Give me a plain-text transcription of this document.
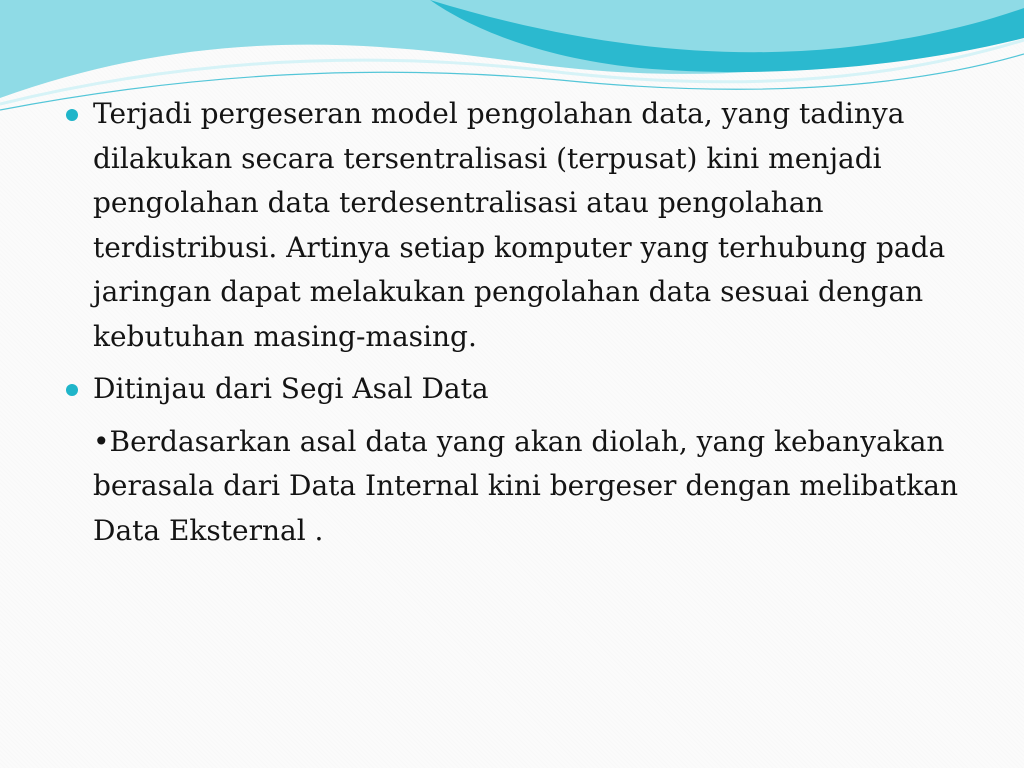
Terjadi pergeseran model pengolahan data, yang tadinya dilakukan secara tersentralisasi (terpusat) kini menjadi pengolahan data terdesentralisasi atau pengolahan terdistribusi. Artinya setiap komputer yang terhubung pada jaringan dapat melakukan pengolahan data sesuai dengan kebutuhan masing-masing.
Ditinjau dari Segi Asal Data
•Berdasarkan asal data yang akan diolah, yang kebanyakan berasala dari Data Internal kini bergeser dengan melibatkan Data Eksternal .
